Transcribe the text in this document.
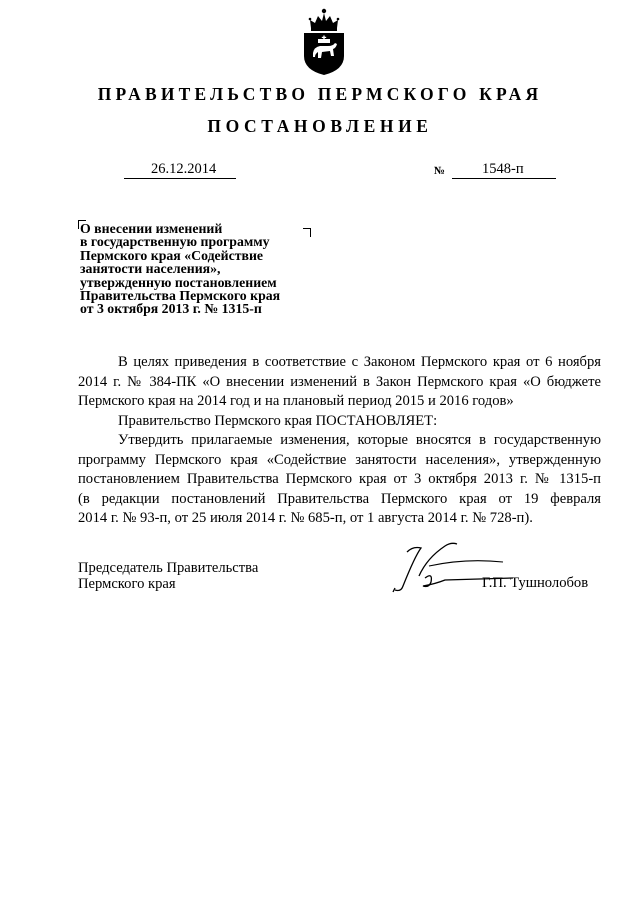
ПРАВИТЕЛЬСТВО ПЕРМСКОГО КРАЯ
ПОСТАНОВЛЕНИЕ
26.12.2014	№	1548-п
О внесении изменений
в государственную программу
Пермского края «Содействие
занятости населения»,
утвержденную постановлением
Правительства Пермского края
от 3 октября 2013 г. № 1315-п

В целях приведения в соответствие с Законом Пермского края от 6 ноября

2014 г. № 384-ПК «О внесении изменений в Закон Пермского края «О бюджете
Пермского края на 2014 год и на плановый период 2015 и 2016 годов»

Правительство Пермского края ПОСТАНОВЛЯЕТ:

Утвердить прилагаемые изменения, которые вносятся в государственную

программу Пермского края «Содействие занятости населения», утвержденную
постановлением Правительства Пермского края от 3 октября 2013 г. № 1315-п
(в редакции постановлений Правительства Пермского края от 19 февраля
2014 г. № 93-п, от 25 июля 2014 г. № 685-п, от 1 августа 2014 г. № 728-п).

Председатель Правительства
Пермского края	Г.П. Тушнолобов
